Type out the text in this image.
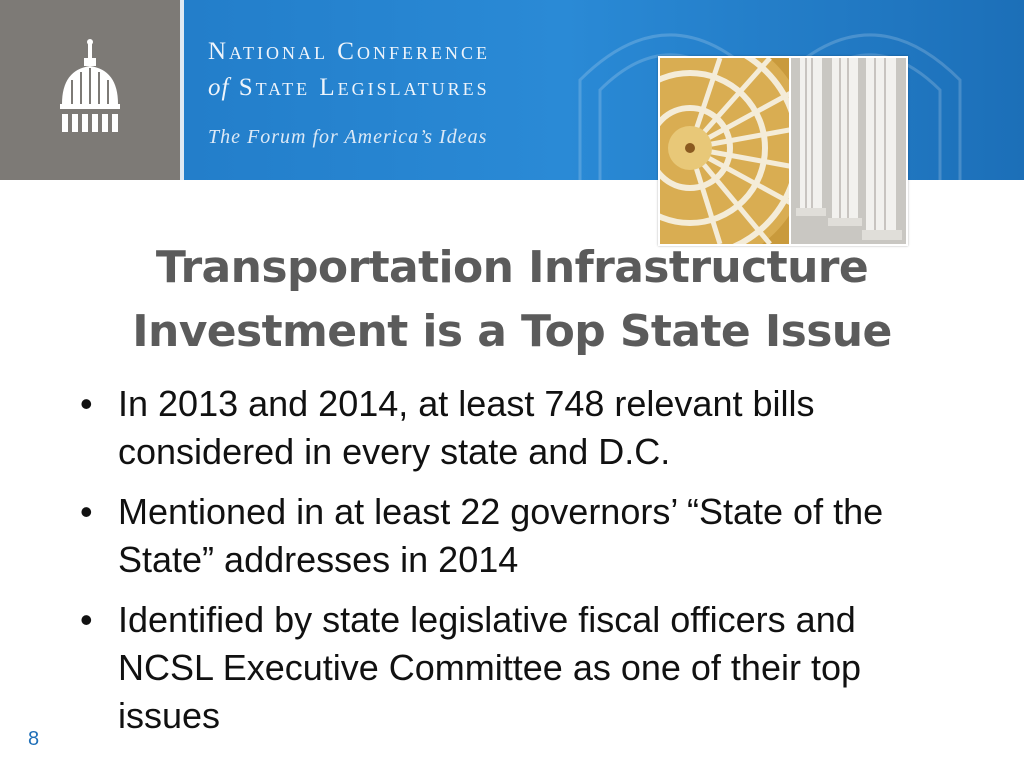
National Conference
of State Legislatures
The Forum for America’s Ideas
Transportation Infrastructure
Investment is a Top State Issue
• In 2013 and 2014, at least 748 relevant bills considered in every state and D.C.
• Mentioned in at least 22 governors’ “State of the State” addresses in 2014
• Identified by state legislative fiscal officers and NCSL Executive Committee as one of their top issues
8
